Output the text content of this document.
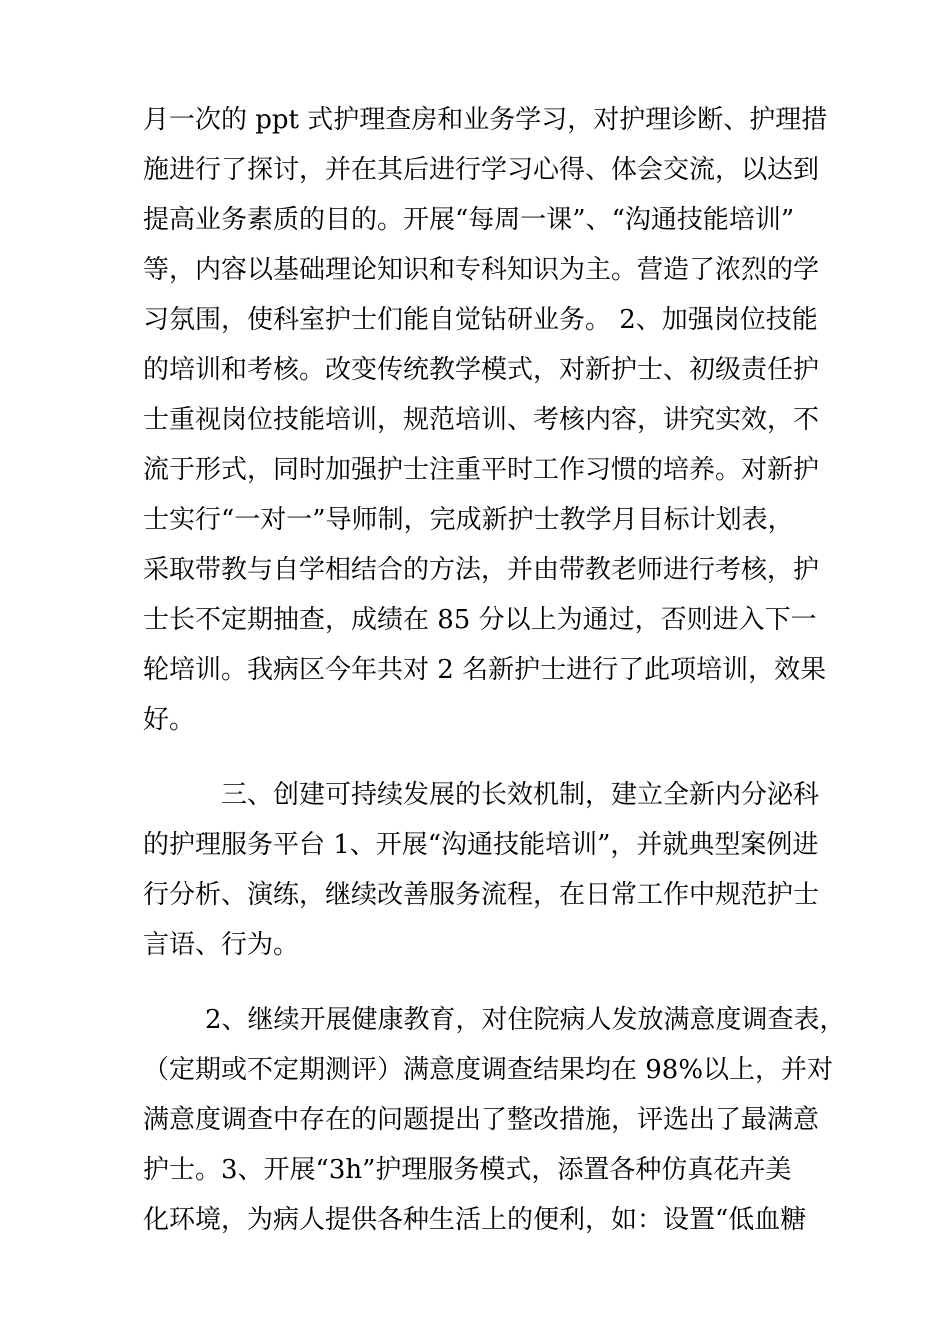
月一次的 ppt 式护理查房和业务学习，对护理诊断、护理措
施进行了探讨，并在其后进行学习心得、体会交流，以达到
提高业务素质的目的。开展“每周一课”、“沟通技能培训”
等，内容以基础理论知识和专科知识为主。营造了浓烈的学
习氛围，使科室护士们能自觉钻研业务。 2、加强岗位技能
的培训和考核。改变传统教学模式，对新护士、初级责任护
士重视岗位技能培训，规范培训、考核内容，讲究实效，不
流于形式，同时加强护士注重平时工作习惯的培养。对新护
士实行“一对一”导师制，完成新护士教学月目标计划表，
采取带教与自学相结合的方法，并由带教老师进行考核，护
士长不定期抽查，成绩在 85 分以上为通过，否则进入下一
轮培训。我病区今年共对 2 名新护士进行了此项培训，效果
好。
三、创建可持续发展的长效机制，建立全新内分泌科
的护理服务平台 1、开展“沟通技能培训”，并就典型案例进
行分析、演练，继续改善服务流程，在日常工作中规范护士
言语、行为。
2、继续开展健康教育，对住院病人发放满意度调查表，
（定期或不定期测评）满意度调查结果均在 98%以上，并对
满意度调查中存在的问题提出了整改措施，评选出了最满意
护士。3、开展“3h”护理服务模式，添置各种仿真花卉美
化环境，为病人提供各种生活上的便利，如：设置“低血糖
